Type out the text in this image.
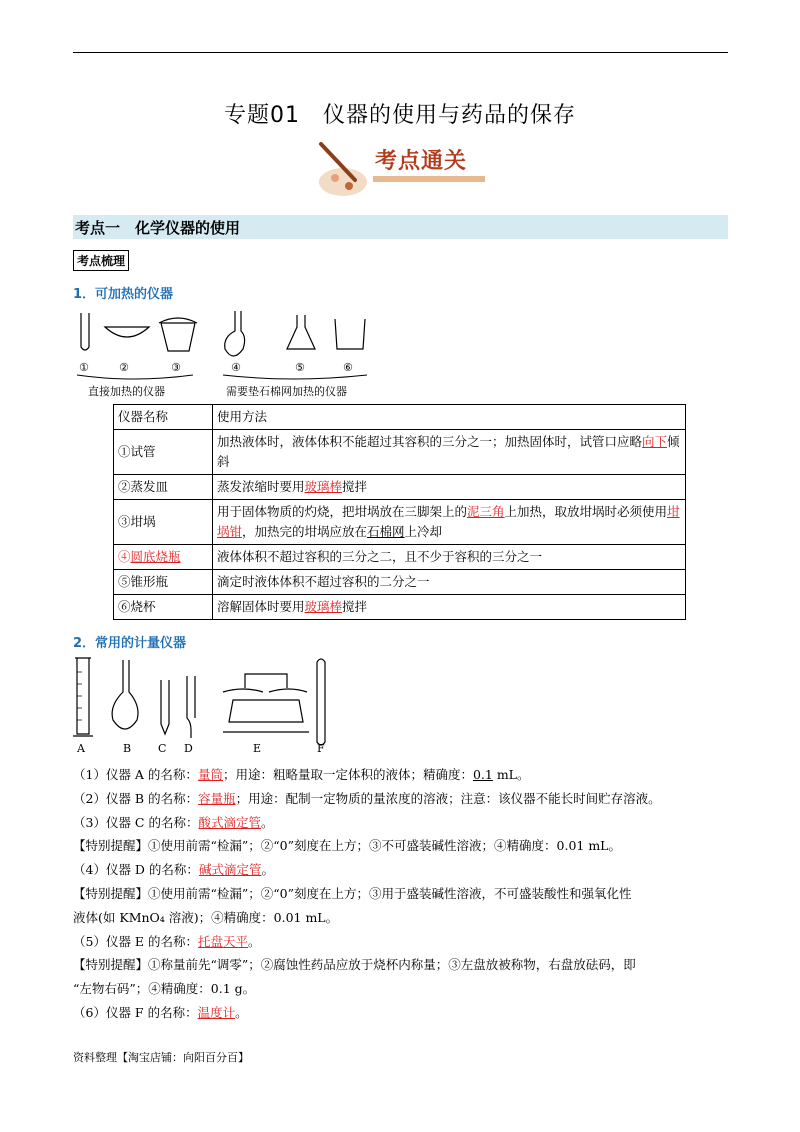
专题01　仪器的使用与药品的保存
考点通关
考点一　化学仪器的使用
考点梳理
1．可加热的仪器
①	②	③	④	⑤	⑥
直接加热的仪器	需要垫石棉网加热的仪器
仪器名称	使用方法
①试管	加热液体时，液体体积不能超过其容积的三分之一；加热固体时，试管口应略向下倾斜
②蒸发皿	蒸发浓缩时要用玻璃棒搅拌
③坩埚	用于固体物质的灼烧，把坩埚放在三脚架上的泥三角上加热，取放坩埚时必须使用坩埚钳，加热完的坩埚应放在石棉网上冷却
④圆底烧瓶	液体体积不超过容积的三分之二，且不少于容积的三分之一
⑤锥形瓶	滴定时液体体积不超过容积的二分之一
⑥烧杯	溶解固体时要用玻璃棒搅拌
2．常用的计量仪器
A	B C D	E	F

（1）仪器 A 的名称：量筒；用途：粗略量取一定体积的液体；精确度：0.1 mL。

（2）仪器 B 的名称：容量瓶；用途：配制一定物质的量浓度的溶液；注意：该仪器不能长时间贮存溶液。

（3）仪器 C 的名称：酸式滴定管。

【特别提醒】①使用前需“检漏”；②“0”刻度在上方；③不可盛装碱性溶液；④精确度：0.01 mL。

（4）仪器 D 的名称：碱式滴定管。

【特别提醒】①使用前需“检漏”；②“0”刻度在上方；③用于盛装碱性溶液，不可盛装酸性和强氧化性

液体(如 KMnO₄ 溶液)；④精确度：0.01 mL。

（5）仪器 E 的名称：托盘天平。

【特别提醒】①称量前先“调零”；②腐蚀性药品应放于烧杯内称量；③左盘放被称物，右盘放砝码，即

“左物右码”；④精确度：0.1 g。

（6）仪器 F 的名称：温度计。

资料整理【淘宝店铺：向阳百分百】
